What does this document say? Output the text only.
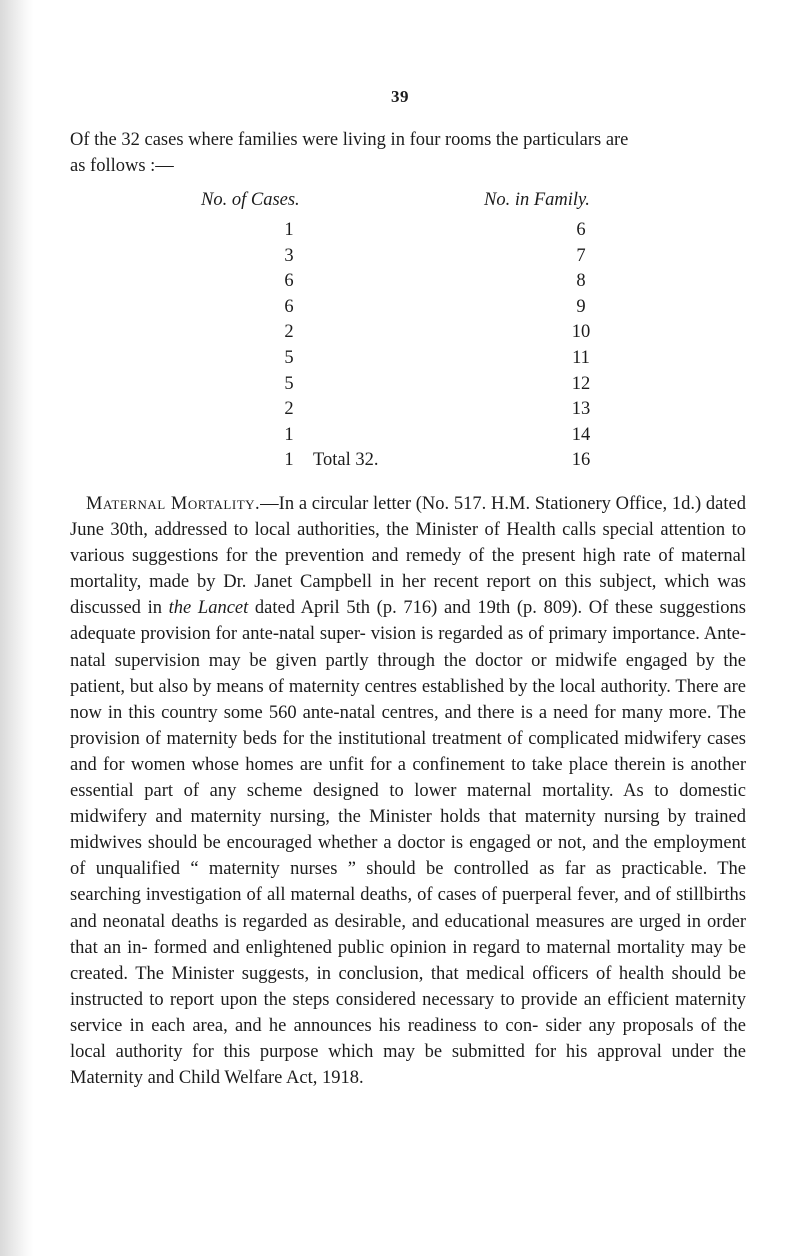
39
Of the 32 cases where families were living in four rooms the particulars are
as follows :—
No. of Cases.	No. in Family.
1	6
3	7
6	8
6	9
2	10
5	11
5	12
2	13
1	14
1	Total 32.	16
Maternal Mortality.—In a circular letter (No. 517. H.M. Stationery Office, 1d.) dated June 30th, addressed to local authorities, the Minister of Health calls special attention to various suggestions for the prevention and remedy of the present high rate of maternal mortality, made by Dr. Janet Campbell in her recent report on this subject, which was discussed in the Lancet dated April 5th (p. 716) and 19th (p. 809). Of these suggestions adequate provision for ante-natal super- vision is regarded as of primary importance. Ante-natal supervision may be given partly through the doctor or midwife engaged by the patient, but also by means of maternity centres established by the local authority. There are now in this country some 560 ante-natal centres, and there is a need for many more. The provision of maternity beds for the institutional treatment of complicated midwifery cases and for women whose homes are unfit for a confinement to take place therein is another essential part of any scheme designed to lower maternal mortality. As to domestic midwifery and maternity nursing, the Minister holds that maternity nursing by trained midwives should be encouraged whether a doctor is engaged or not, and the employment of unqualified “ maternity nurses ” should be controlled as far as practicable. The searching investigation of all maternal deaths, of cases of puerperal fever, and of stillbirths and neonatal deaths is regarded as desirable, and educational measures are urged in order that an in- formed and enlightened public opinion in regard to maternal mortality may be created. The Minister suggests, in conclusion, that medical officers of health should be instructed to report upon the steps considered necessary to provide an efficient maternity service in each area, and he announces his readiness to con- sider any proposals of the local authority for this purpose which may be submitted for his approval under the Maternity and Child Welfare Act, 1918.
